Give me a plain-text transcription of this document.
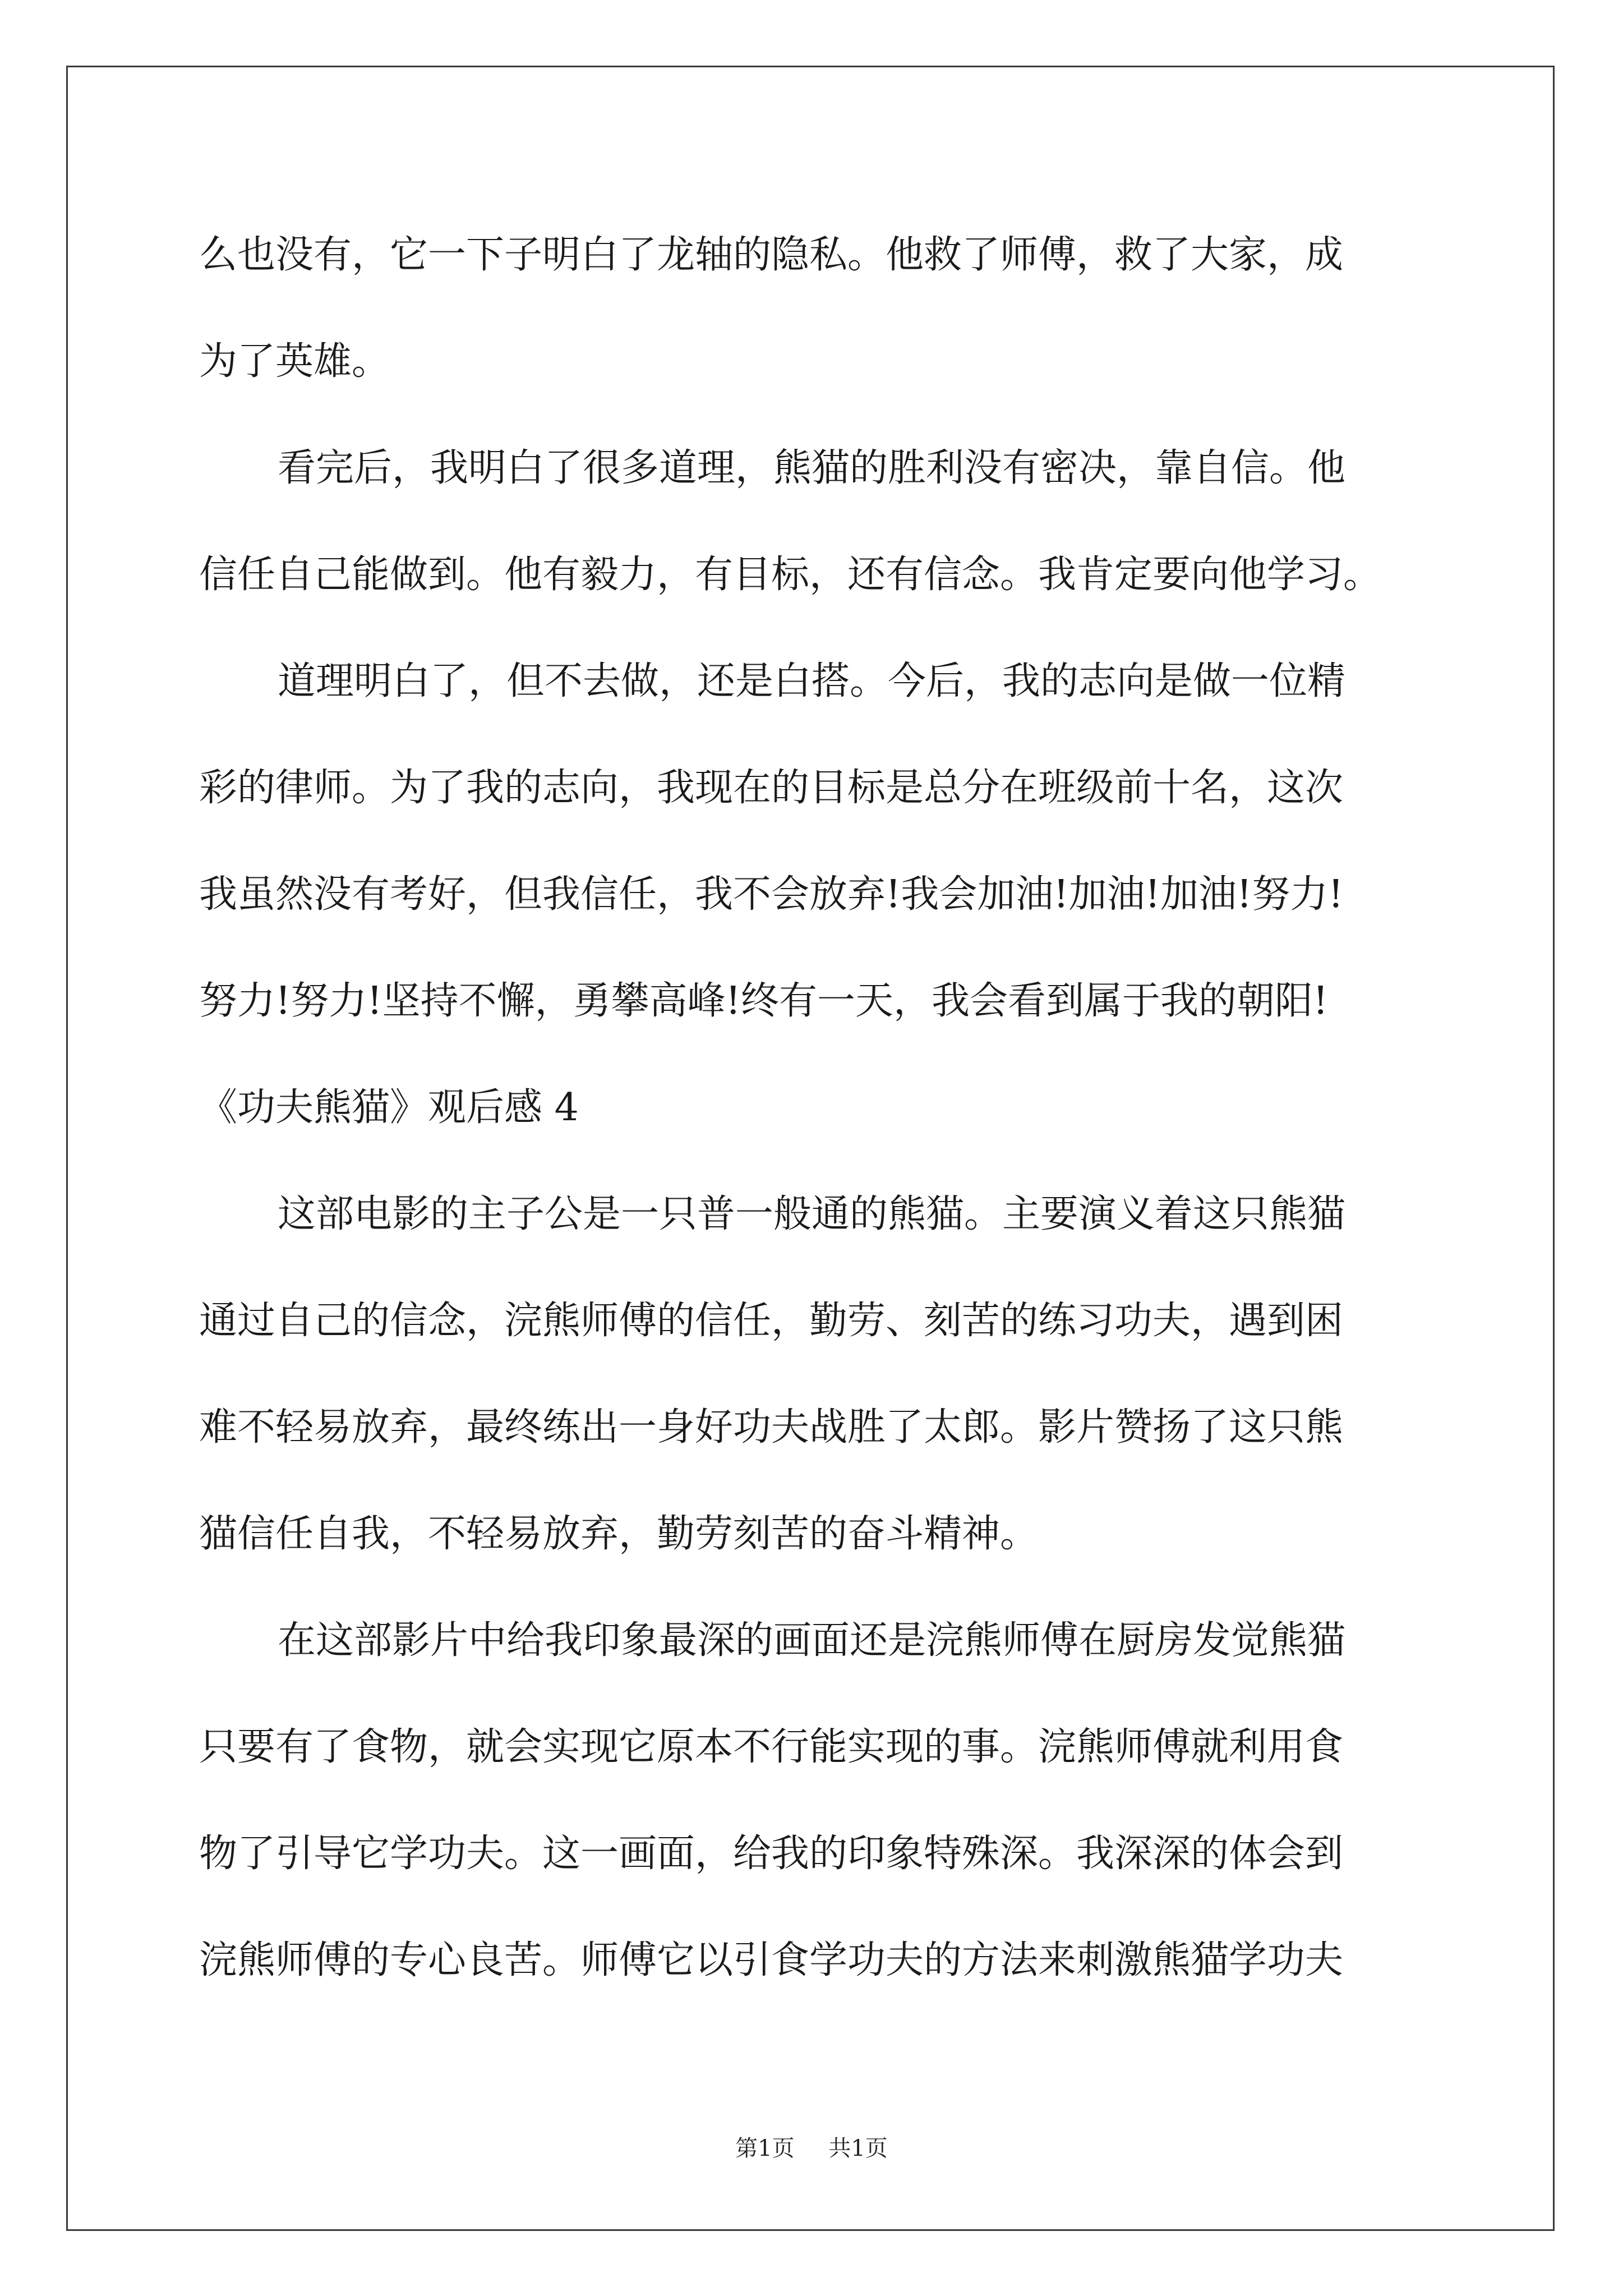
么也没有，它一下子明白了龙轴的隐私。他救了师傅，救了大家，成
为了英雄。
看完后，我明白了很多道理，熊猫的胜利没有密决，靠自信。他
信任自己能做到。他有毅力，有目标，还有信念。我肯定要向他学习。
道理明白了，但不去做，还是白搭。今后，我的志向是做一位精
彩的律师。为了我的志向，我现在的目标是总分在班级前十名，这次
我虽然没有考好，但我信任，我不会放弃!我会加油!加油!加油!努力!
努力!努力!坚持不懈，勇攀高峰!终有一天，我会看到属于我的朝阳!
《功夫熊猫》观后感 4
这部电影的主子公是一只普一般通的熊猫。主要演义着这只熊猫
通过自己的信念，浣熊师傅的信任，勤劳、刻苦的练习功夫，遇到困
难不轻易放弃，最终练出一身好功夫战胜了太郎。影片赞扬了这只熊
猫信任自我，不轻易放弃，勤劳刻苦的奋斗精神。
在这部影片中给我印象最深的画面还是浣熊师傅在厨房发觉熊猫
只要有了食物，就会实现它原本不行能实现的事。浣熊师傅就利用食
物了引导它学功夫。这一画面，给我的印象特殊深。我深深的体会到
浣熊师傅的专心良苦。师傅它以引食学功夫的方法来刺激熊猫学功夫
第1页 共1页
